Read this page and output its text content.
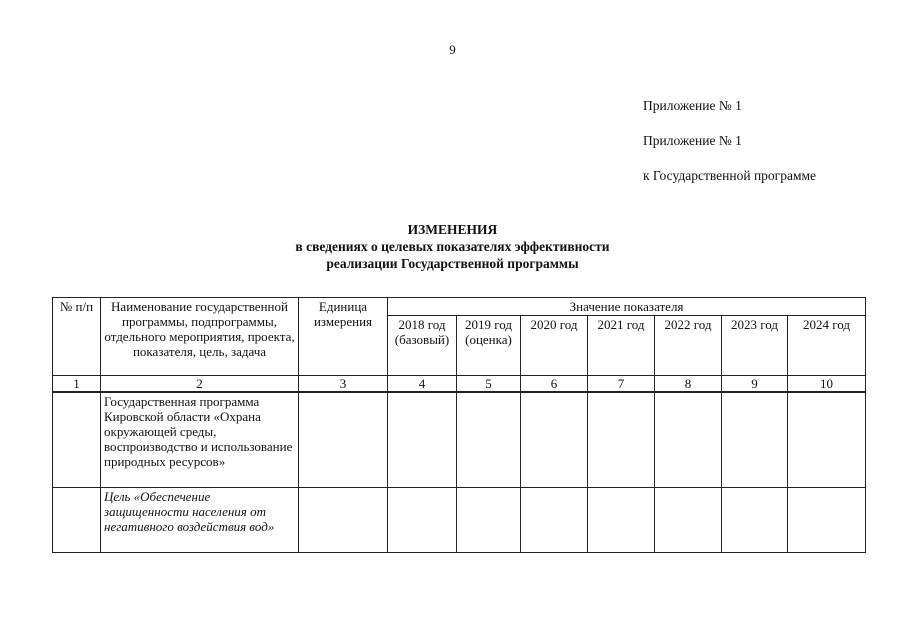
9
Приложение № 1
Приложение № 1
к Государственной программе
ИЗМЕНЕНИЯ
в сведениях о целевых показателях эффективности
реализации Государственной программы
№ п/п	Наименование государственной программы, подпрограммы, отдельного мероприятия, проекта, показателя, цель, задача	Единица измерения	Значение показателя						
			2018 год (базовый)	2019 год (оценка)	2020 год	2021 год	2022 год	2023 год	2024 год
1	2	3	4	5	6	7	8	9	10
	Государственная программа Кировской области «Охрана окружающей среды, воспроизводство и использование природных ресурсов»								
	Цель «Обеспечение защищенности населения от негативного воздействия вод»								
